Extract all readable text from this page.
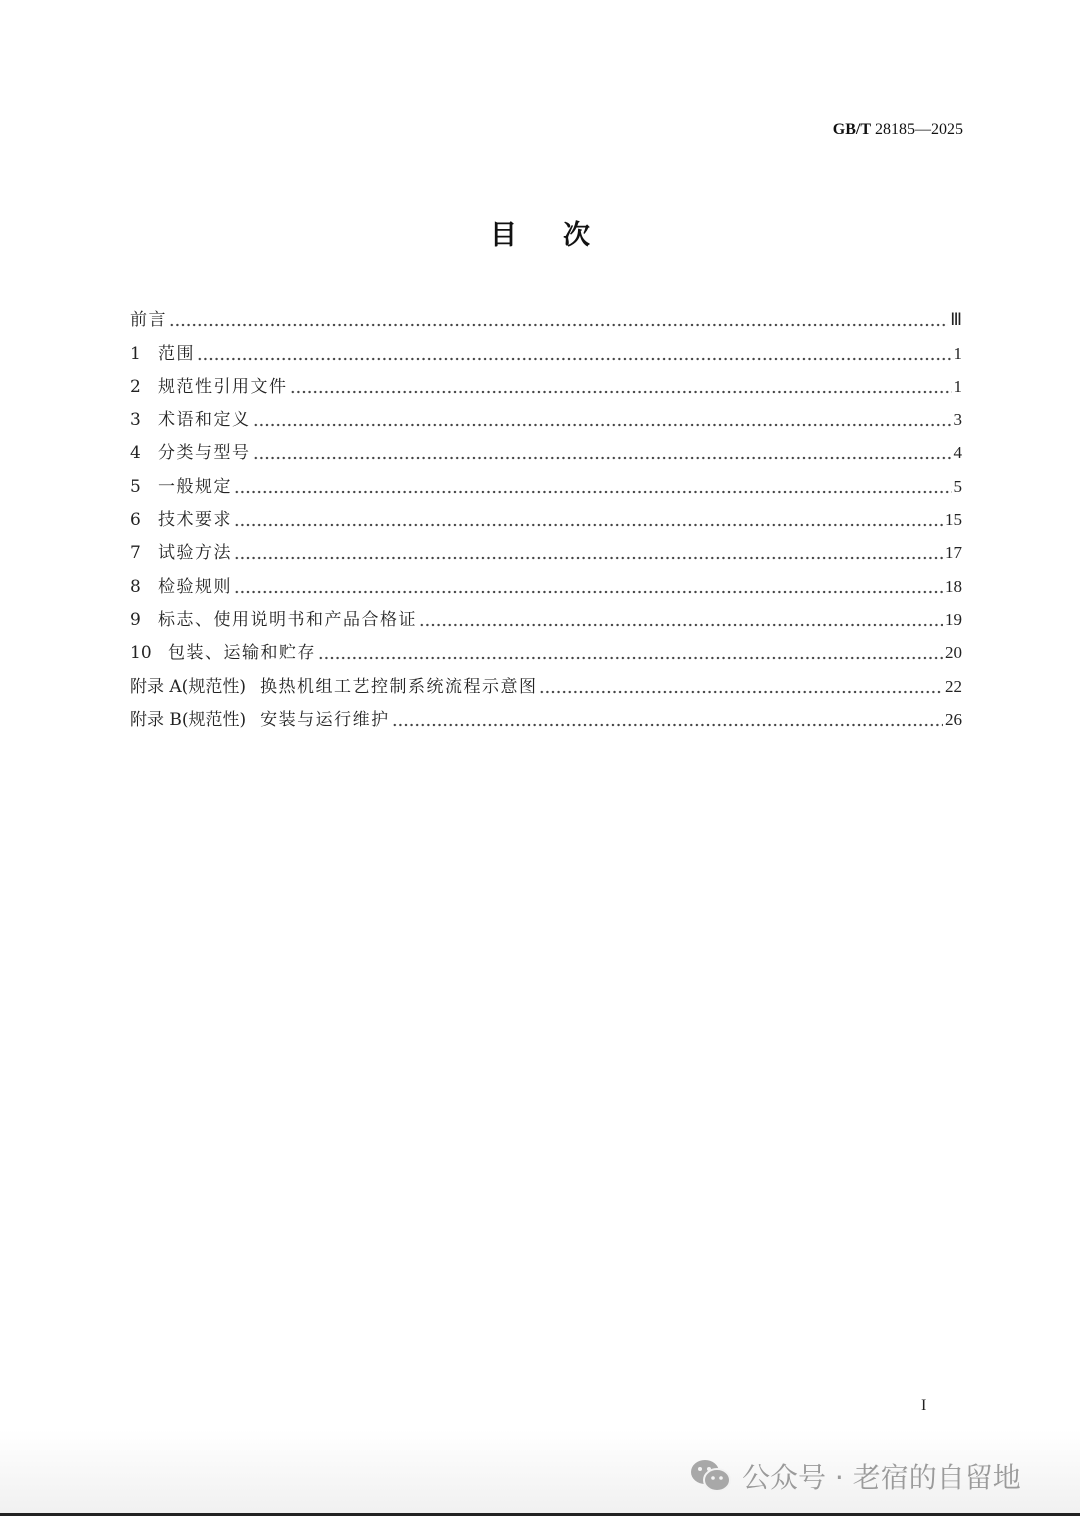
GB/T 28185—2025
目次
前言	Ⅲ
1	范围	1
2	规范性引用文件	1
3	术语和定义	3
4	分类与型号	4
5	一般规定	5
6	技术要求	15
7	试验方法	17
8	检验规则	18
9	标志、使用说明书和产品合格证	19
10 包装、运输和贮存	20
附录 A(规范性) 换热机组工艺控制系统流程示意图	22
附录 B(规范性) 安装与运行维护	26
I
公众号 · 老宿的自留地
